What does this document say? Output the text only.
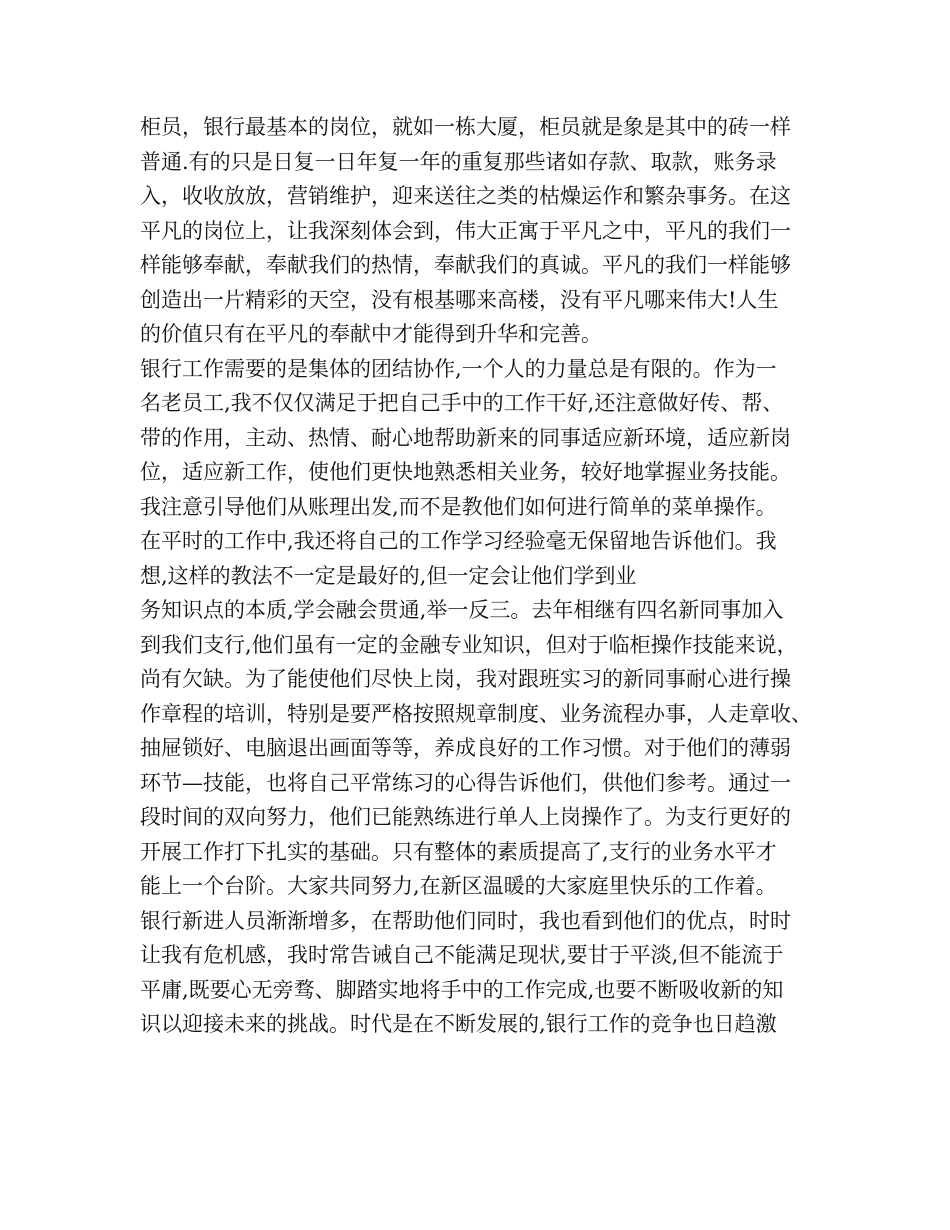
柜员，银行最基本的岗位，就如一栋大厦，柜员就是象是其中的砖一样
普通.有的只是日复一日年复一年的重复那些诸如存款、取款，账务录
入，收收放放，营销维护，迎来送往之类的枯燥运作和繁杂事务。在这
平凡的岗位上，让我深刻体会到，伟大正寓于平凡之中，平凡的我们一
样能够奉献，奉献我们的热情，奉献我们的真诚。平凡的我们一样能够
创造出一片精彩的天空，没有根基哪来高楼，没有平凡哪来伟大!人生
的价值只有在平凡的奉献中才能得到升华和完善。
银行工作需要的是集体的团结协作,一个人的力量总是有限的。作为一
名老员工,我不仅仅满足于把自己手中的工作干好,还注意做好传、帮、
带的作用，主动、热情、耐心地帮助新来的同事适应新环境，适应新岗
位，适应新工作，使他们更快地熟悉相关业务，较好地掌握业务技能。
我注意引导他们从账理出发,而不是教他们如何进行简单的菜单操作。
在平时的工作中,我还将自己的工作学习经验毫无保留地告诉他们。我
想,这样的教法不一定是最好的,但一定会让他们学到业
务知识点的本质,学会融会贯通,举一反三。去年相继有四名新同事加入
到我们支行,他们虽有一定的金融专业知识，但对于临柜操作技能来说，
尚有欠缺。为了能使他们尽快上岗，我对跟班实习的新同事耐心进行操
作章程的培训，特别是要严格按照规章制度、业务流程办事，人走章收、
抽屉锁好、电脑退出画面等等，养成良好的工作习惯。对于他们的薄弱
环节—技能，也将自己平常练习的心得告诉他们，供他们参考。通过一
段时间的双向努力，他们已能熟练进行单人上岗操作了。为支行更好的
开展工作打下扎实的基础。只有整体的素质提高了,支行的业务水平才
能上一个台阶。大家共同努力,在新区温暖的大家庭里快乐的工作着。
银行新进人员渐渐增多，在帮助他们同时，我也看到他们的优点，时时
让我有危机感，我时常告诫自己不能满足现状,要甘于平淡,但不能流于
平庸,既要心无旁骛、脚踏实地将手中的工作完成,也要不断吸收新的知
识以迎接未来的挑战。时代是在不断发展的,银行工作的竞争也日趋激
